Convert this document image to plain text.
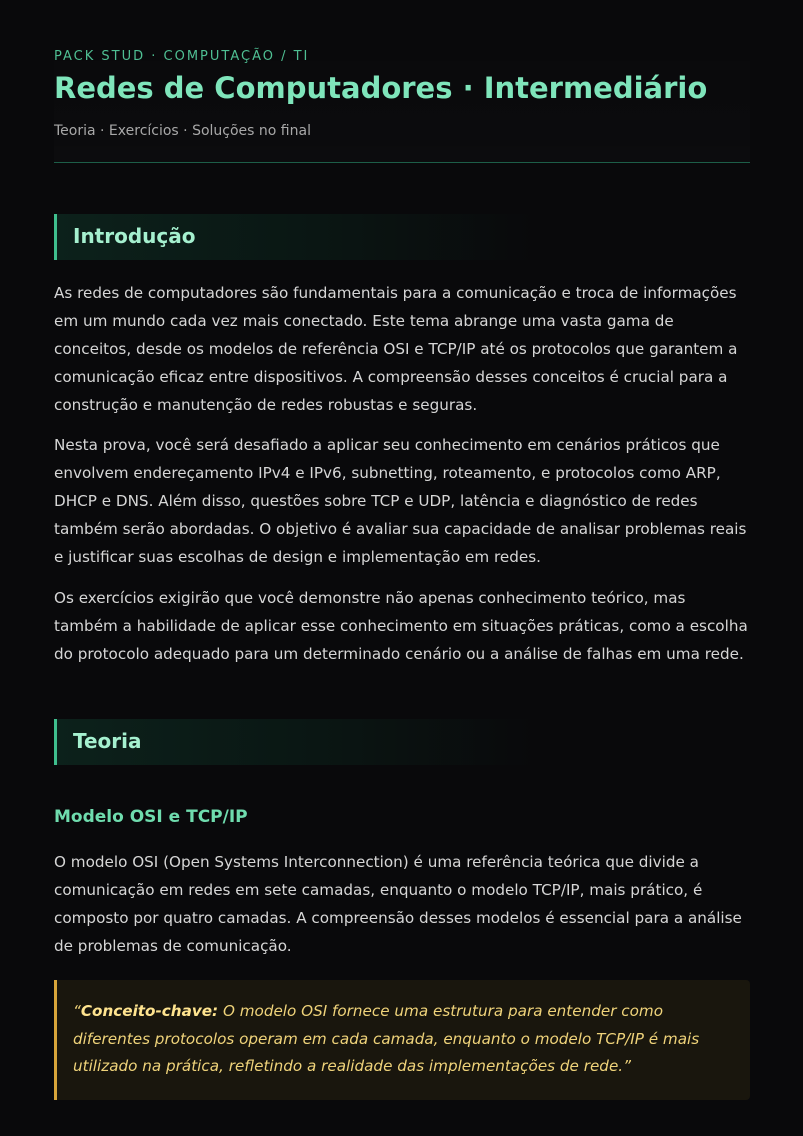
PACK STUD · COMPUTAÇÃO / TI
Redes de Computadores · Intermediário
Teoria · Exercícios · Soluções no final
Introdução

As redes de computadores são fundamentais para a comunicação e troca de informações em um mundo cada vez mais conectado. Este tema abrange uma vasta gama de conceitos, desde os modelos de referência OSI e TCP/IP até os protocolos que garantem a comunicação eficaz entre dispositivos. A compreensão desses conceitos é crucial para a construção e manutenção de redes robustas e seguras.

Nesta prova, você será desafiado a aplicar seu conhecimento em cenários práticos que envolvem endereçamento IPv4 e IPv6, subnetting, roteamento, e protocolos como ARP, DHCP e DNS. Além disso, questões sobre TCP e UDP, latência e diagnóstico de redes também serão abordadas. O objetivo é avaliar sua capacidade de analisar problemas reais e justificar suas escolhas de design e implementação em redes.

Os exercícios exigirão que você demonstre não apenas conhecimento teórico, mas também a habilidade de aplicar esse conhecimento em situações práticas, como a escolha do protocolo adequado para um determinado cenário ou a análise de falhas em uma rede.

Teoria
Modelo OSI e TCP/IP

O modelo OSI (Open Systems Interconnection) é uma referência teórica que divide a comunicação em redes em sete camadas, enquanto o modelo TCP/IP, mais prático, é composto por quatro camadas. A compreensão desses modelos é essencial para a análise de problemas de comunicação.

“Conceito-chave: O modelo OSI fornece uma estrutura para entender como diferentes protocolos operam em cada camada, enquanto o modelo TCP/IP é mais utilizado na prática, refletindo a realidade das implementações de rede.”
